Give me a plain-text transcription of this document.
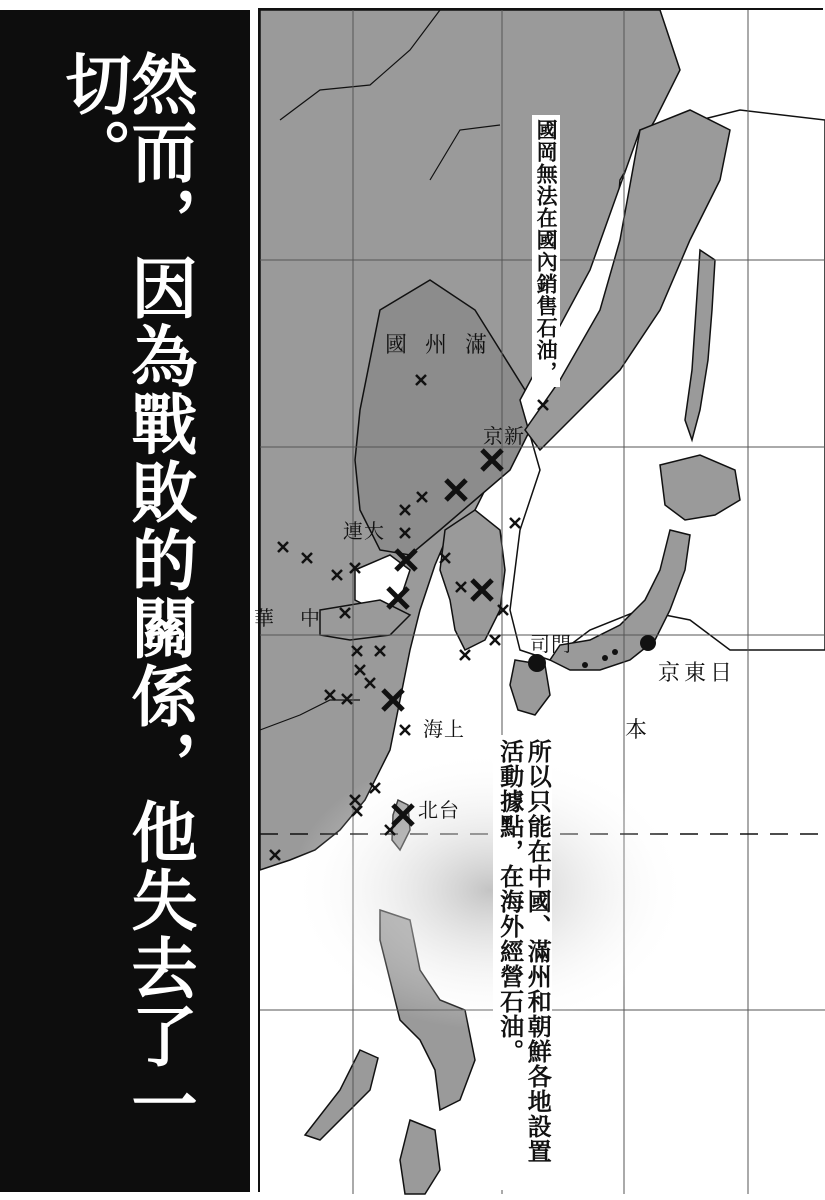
然而，因為戰敗的關係，他失去了一切。
國州滿
京新
連大
中
華
海上
北台
司門
京東日
本
國岡無法在國內銷售石油，
所以只能在中國、滿州和朝鮮各地設置活動據點，在海外經營石油。
